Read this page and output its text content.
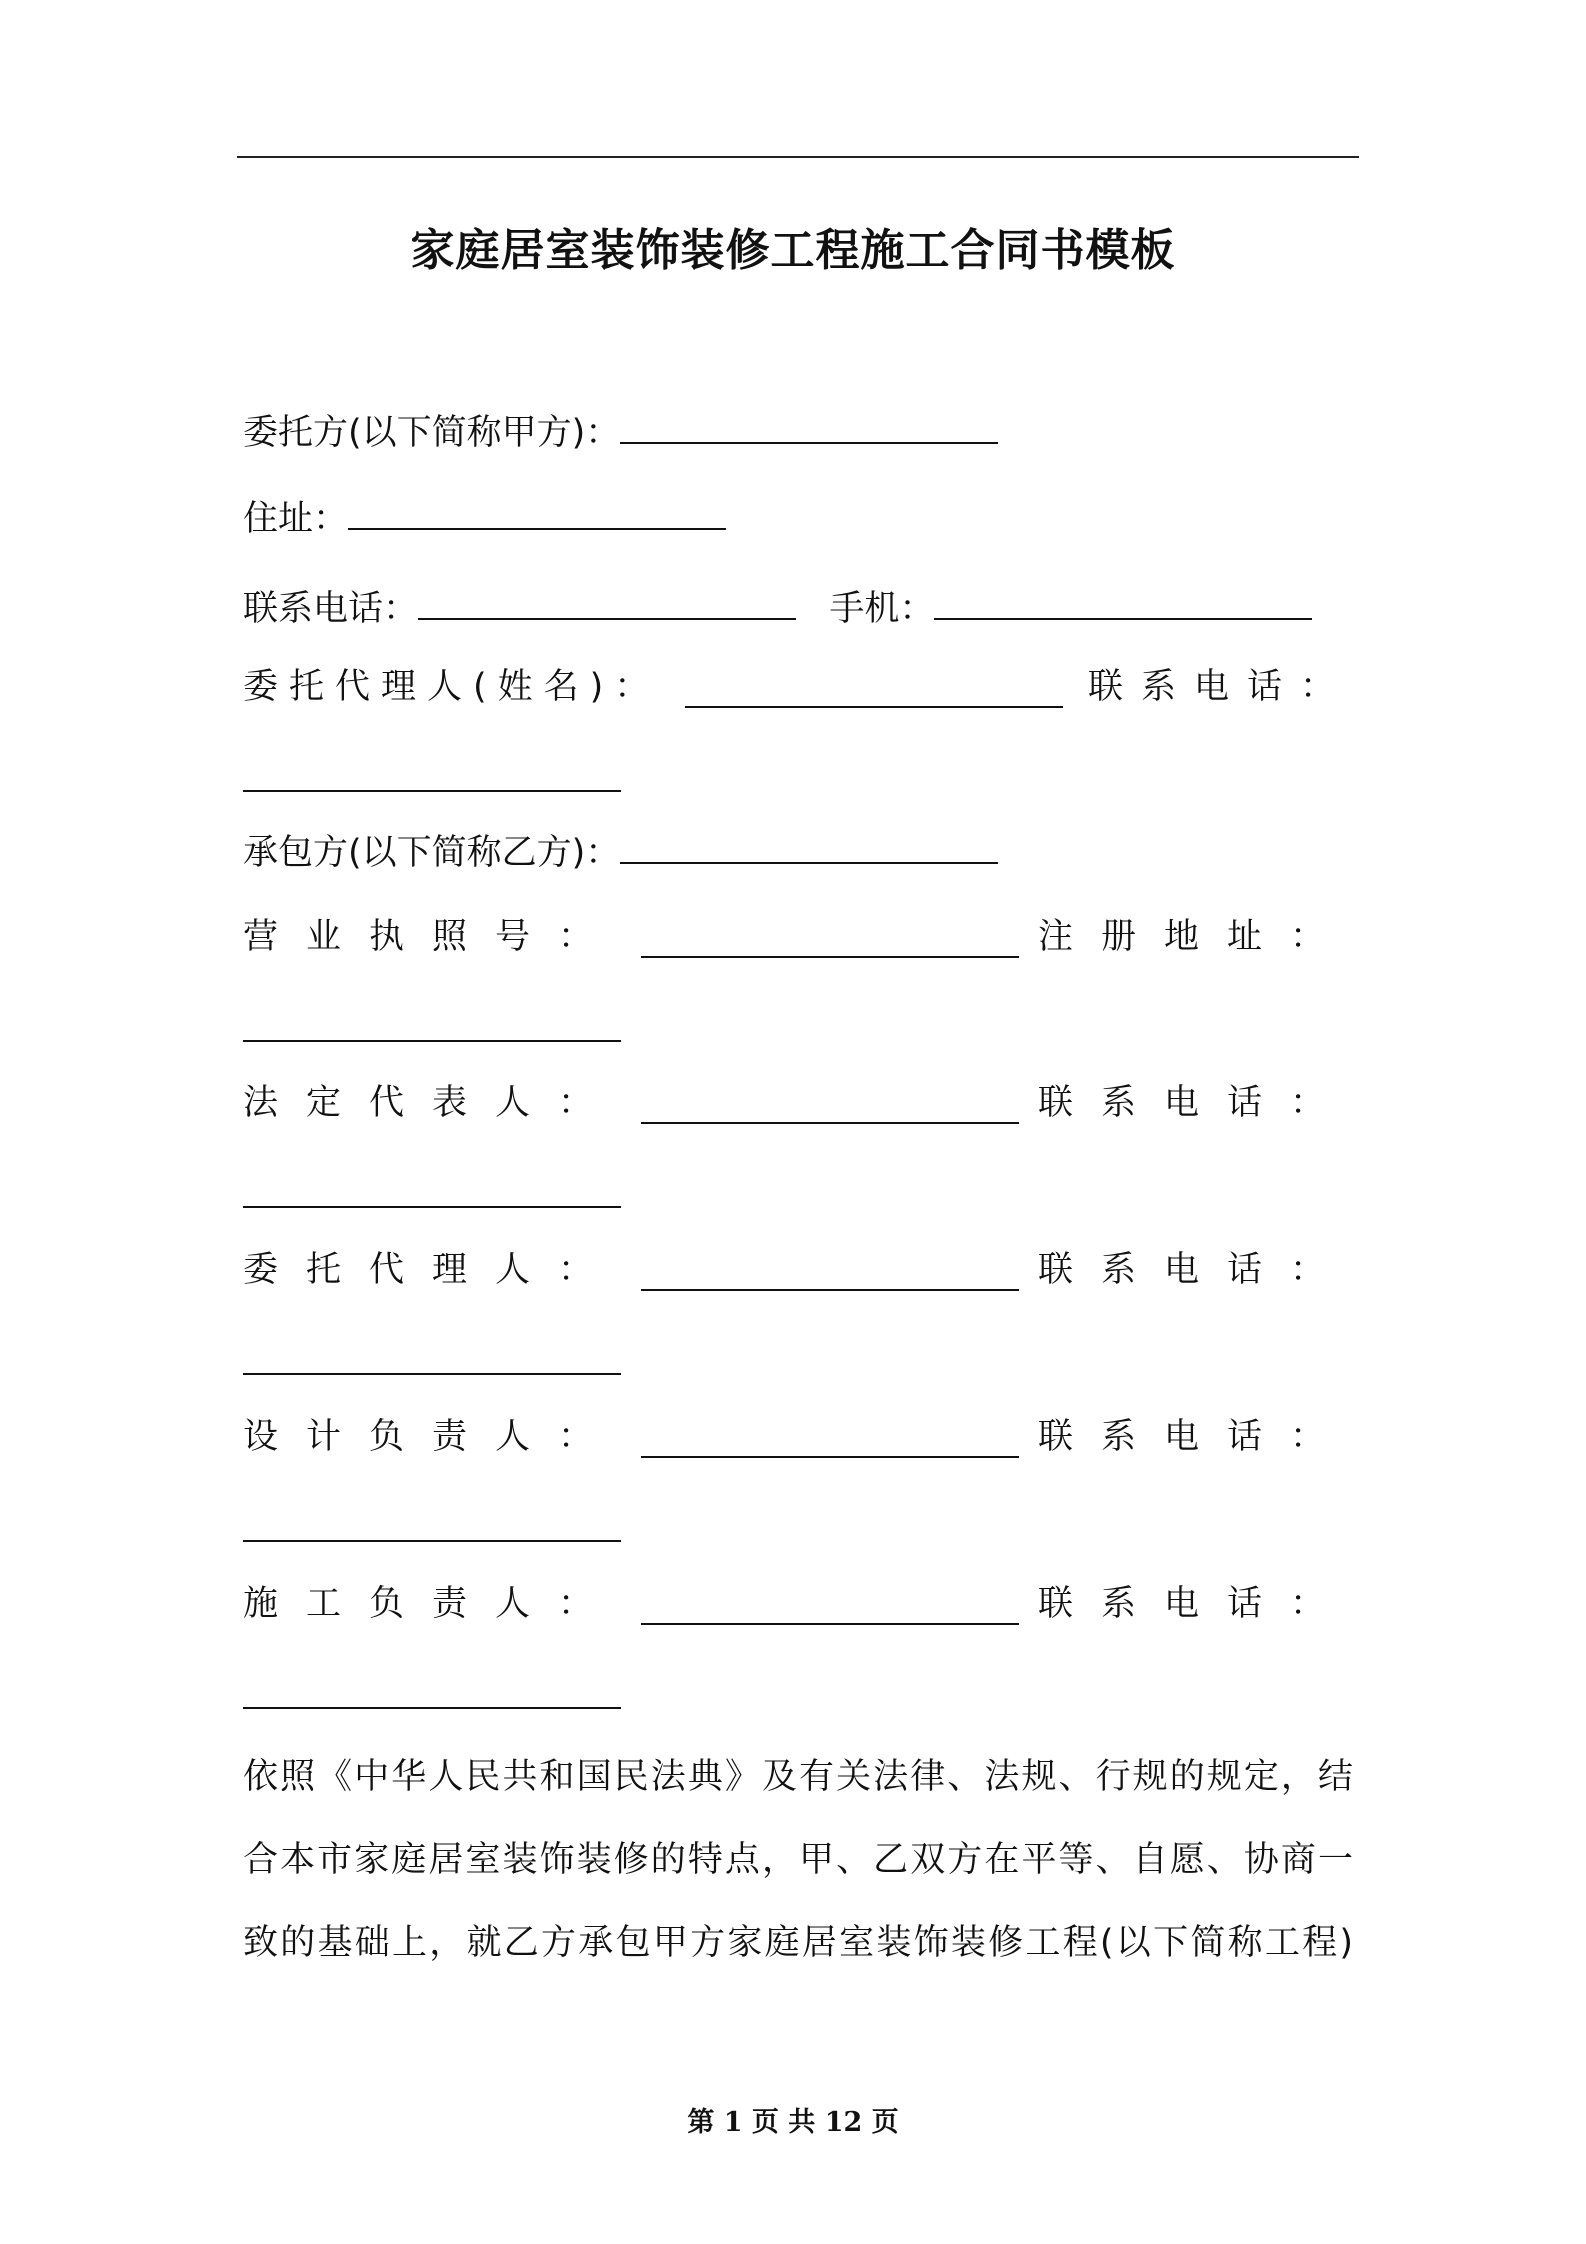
家庭居室装饰装修工程施工合同书模板
委托方(以下简称甲方)：
住址：
联系电话：	手机：
委托代理人(姓名)：	联系电话：
承包方(以下简称乙方)：
营业执照号：	注册地址：
法定代表人：	联系电话：
委托代理人：	联系电话：
设计负责人：	联系电话：
施工负责人：	联系电话：
依照《中华人民共和国民法典》及有关法律、法规、行规的规定，结
合本市家庭居室装饰装修的特点，甲、乙双方在平等、自愿、协商一
致的基础上，就乙方承包甲方家庭居室装饰装修工程(以下简称工程)
第 1 页 共 12 页
